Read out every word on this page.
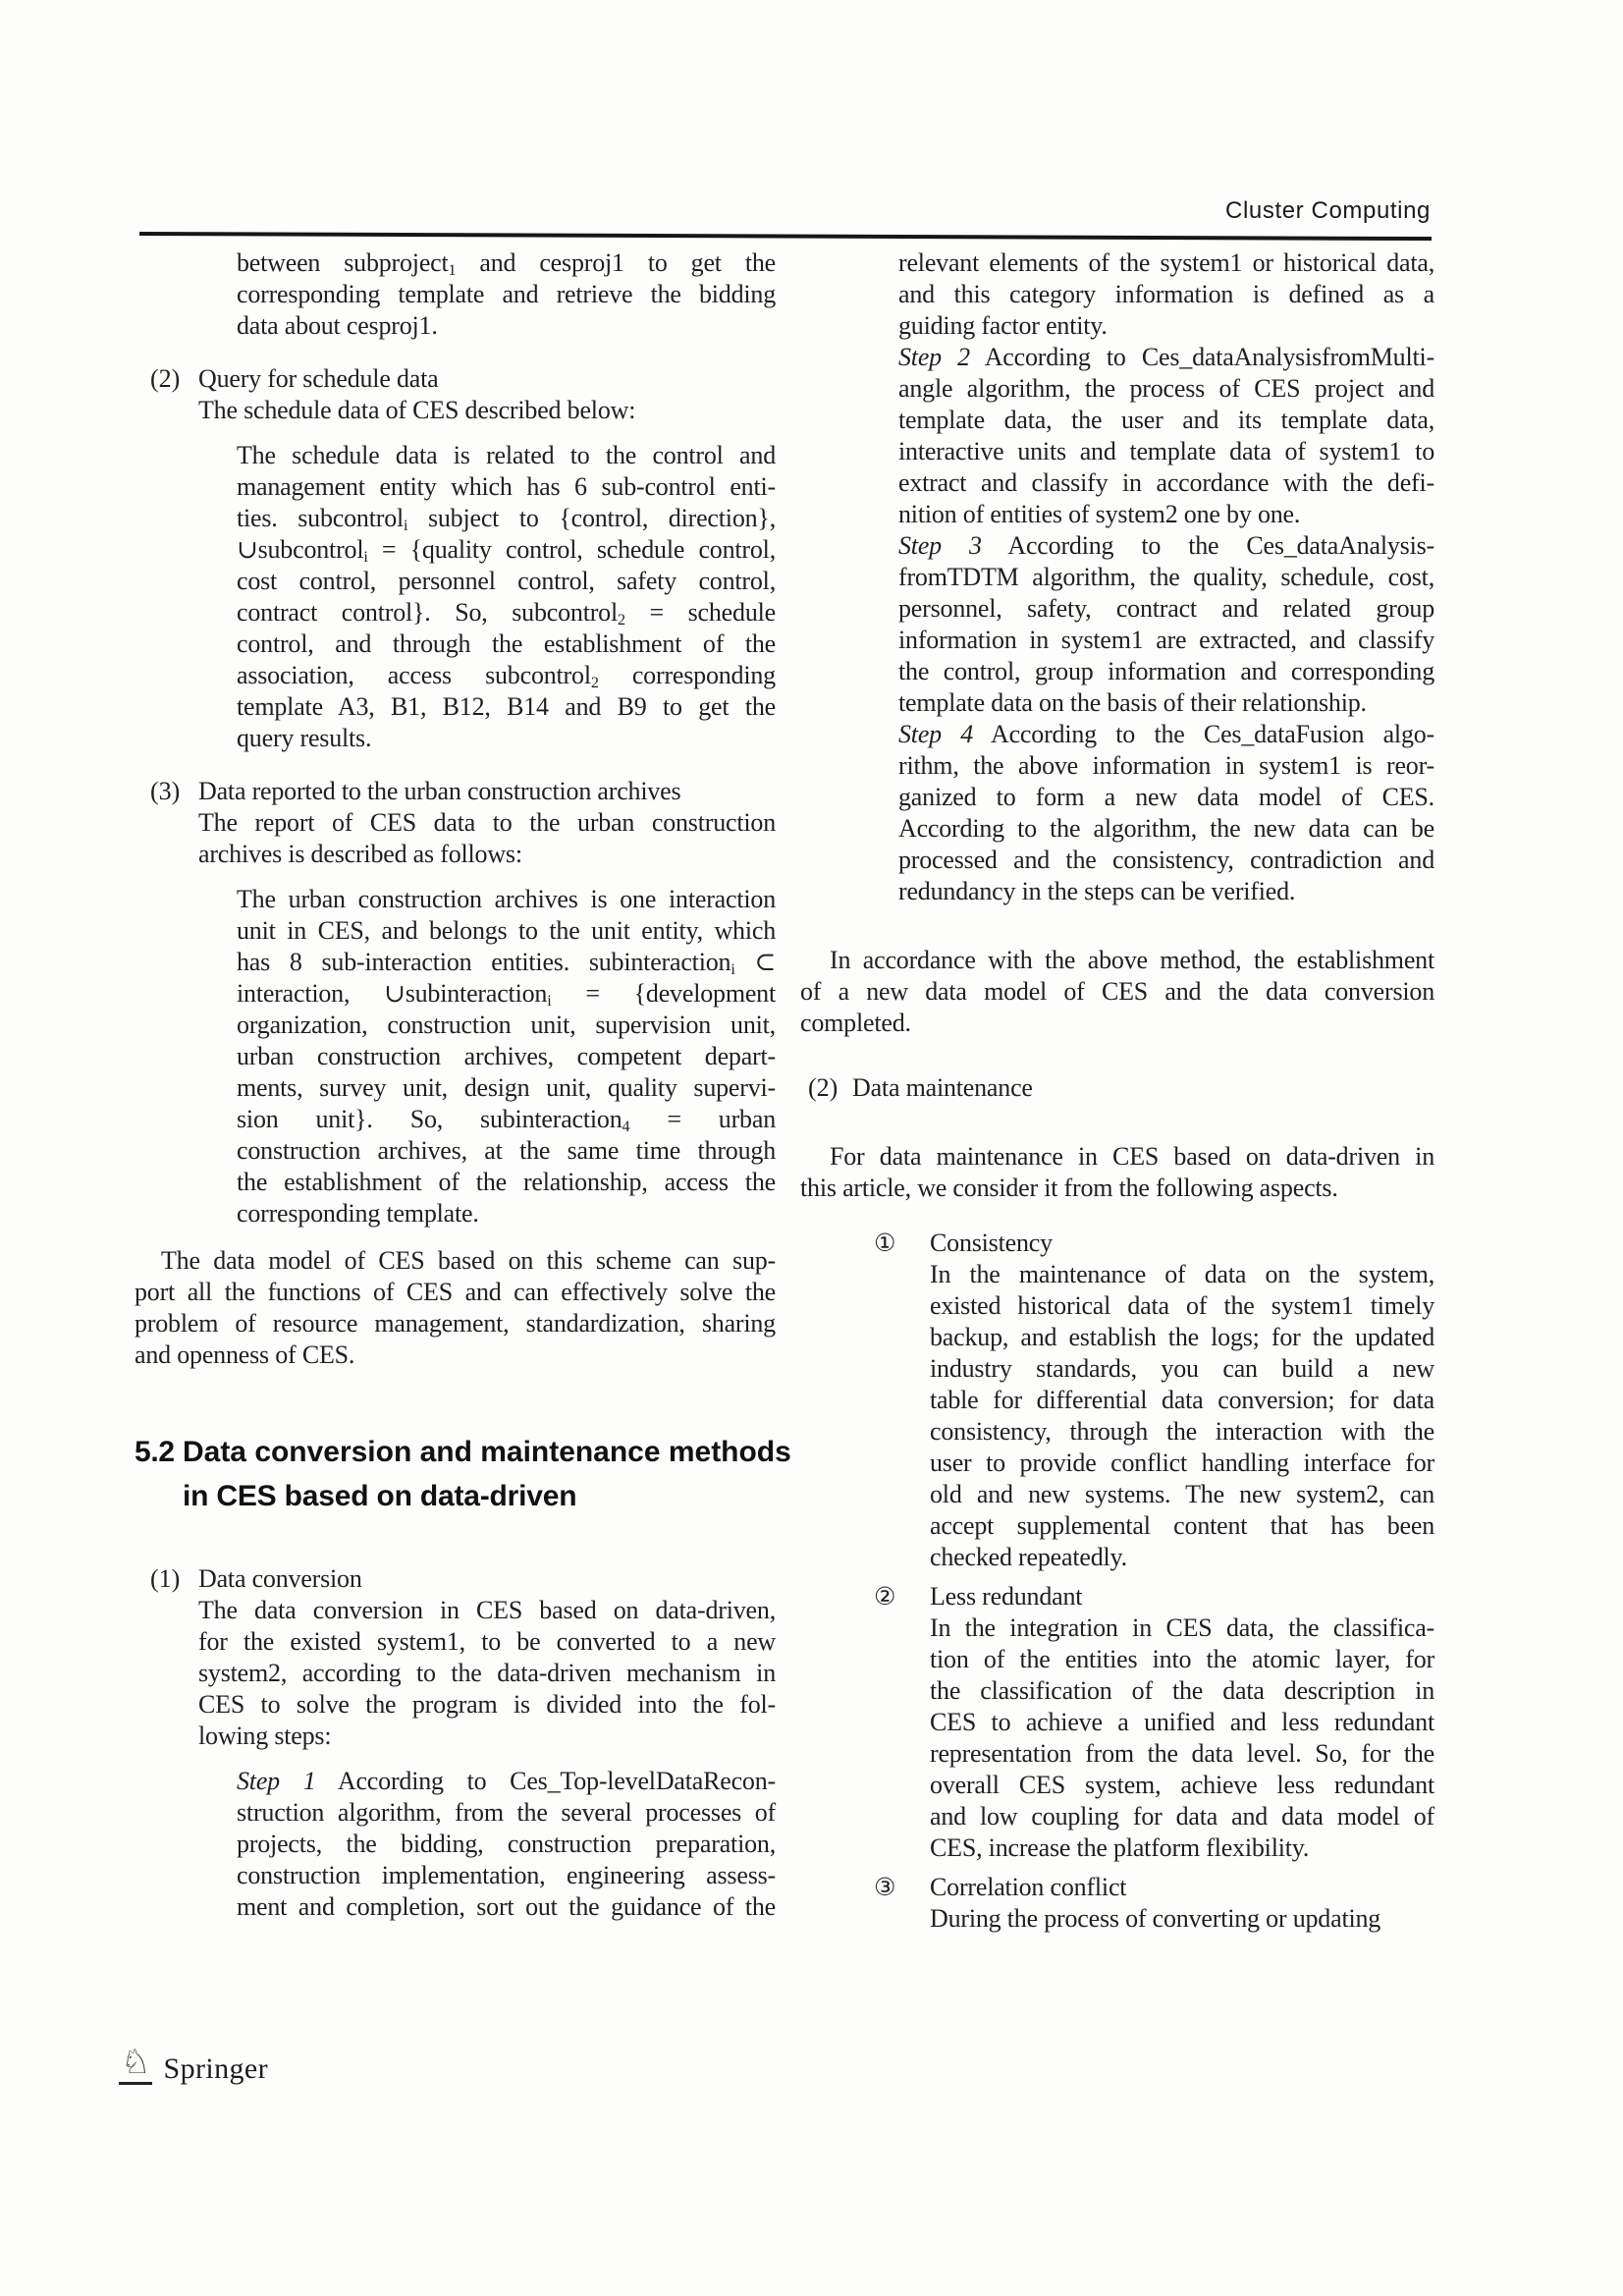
Cluster Computing
between subproject$_1$ and cesproj1 to get the
corresponding template and retrieve the bidding
data about cesproj1.
(2) Query for schedule data
The schedule data of CES described below:
The schedule data is related to the control and
management entity which has 6 sub-control enti-
ties. subcontrol$_i$ subject to {control, direction},
∪subcontrol$_i$ = {quality control, schedule control,
cost control, personnel control, safety control,
contract control}. So, subcontrol$_2$ = schedule
control, and through the establishment of the
association, access subcontrol$_2$ corresponding
template A3, B1, B12, B14 and B9 to get the
query results.
(3) Data reported to the urban construction archives
The report of CES data to the urban construction
archives is described as follows:
The urban construction archives is one interaction
unit in CES, and belongs to the unit entity, which
has 8 sub-interaction entities. subinteraction$_i$ ⊂
interaction, ∪subinteraction$_i$ = {development
organization, construction unit, supervision unit,
urban construction archives, competent depart-
ments, survey unit, design unit, quality supervi-
sion unit}. So, subinteraction$_4$ = urban
construction archives, at the same time through
the establishment of the relationship, access the
corresponding template.
The data model of CES based on this scheme can sup-
port all the functions of CES and can effectively solve the
problem of resource management, standardization, sharing
and openness of CES.
5.2 Data conversion and maintenance methods
in CES based on data-driven
(1) Data conversion
The data conversion in CES based on data-driven,
for the existed system1, to be converted to a new
system2, according to the data-driven mechanism in
CES to solve the program is divided into the fol-
lowing steps:
Step 1 According to Ces_Top-levelDataRecon-
struction algorithm, from the several processes of
projects, the bidding, construction preparation,
construction implementation, engineering assess-
ment and completion, sort out the guidance of the
relevant elements of the system1 or historical data,
and this category information is defined as a
guiding factor entity.
Step 2 According to Ces_dataAnalysisfromMulti-
angle algorithm, the process of CES project and
template data, the user and its template data,
interactive units and template data of system1 to
extract and classify in accordance with the defi-
nition of entities of system2 one by one.
Step 3 According to the Ces_dataAnalysis-
fromTDTM algorithm, the quality, schedule, cost,
personnel, safety, contract and related group
information in system1 are extracted, and classify
the control, group information and corresponding
template data on the basis of their relationship.
Step 4 According to the Ces_dataFusion algo-
rithm, the above information in system1 is reor-
ganized to form a new data model of CES.
According to the algorithm, the new data can be
processed and the consistency, contradiction and
redundancy in the steps can be verified.
In accordance with the above method, the establishment
of a new data model of CES and the data conversion
completed.
(2) Data maintenance
For data maintenance in CES based on data-driven in
this article, we consider it from the following aspects.
①	Consistency
In the maintenance of data on the system,
existed historical data of the system1 timely
backup, and establish the logs; for the updated
industry standards, you can build a new
table for differential data conversion; for data
consistency, through the interaction with the
user to provide conflict handling interface for
old and new systems. The new system2, can
accept supplemental content that has been
checked repeatedly.
②	Less redundant
In the integration in CES data, the classifica-
tion of the entities into the atomic layer, for
the classification of the data description in
CES to achieve a unified and less redundant
representation from the data level. So, for the
overall CES system, achieve less redundant
and low coupling for data and data model of
CES, increase the platform flexibility.
③	Correlation conflict
During the process of converting or updating
♘ Springer
